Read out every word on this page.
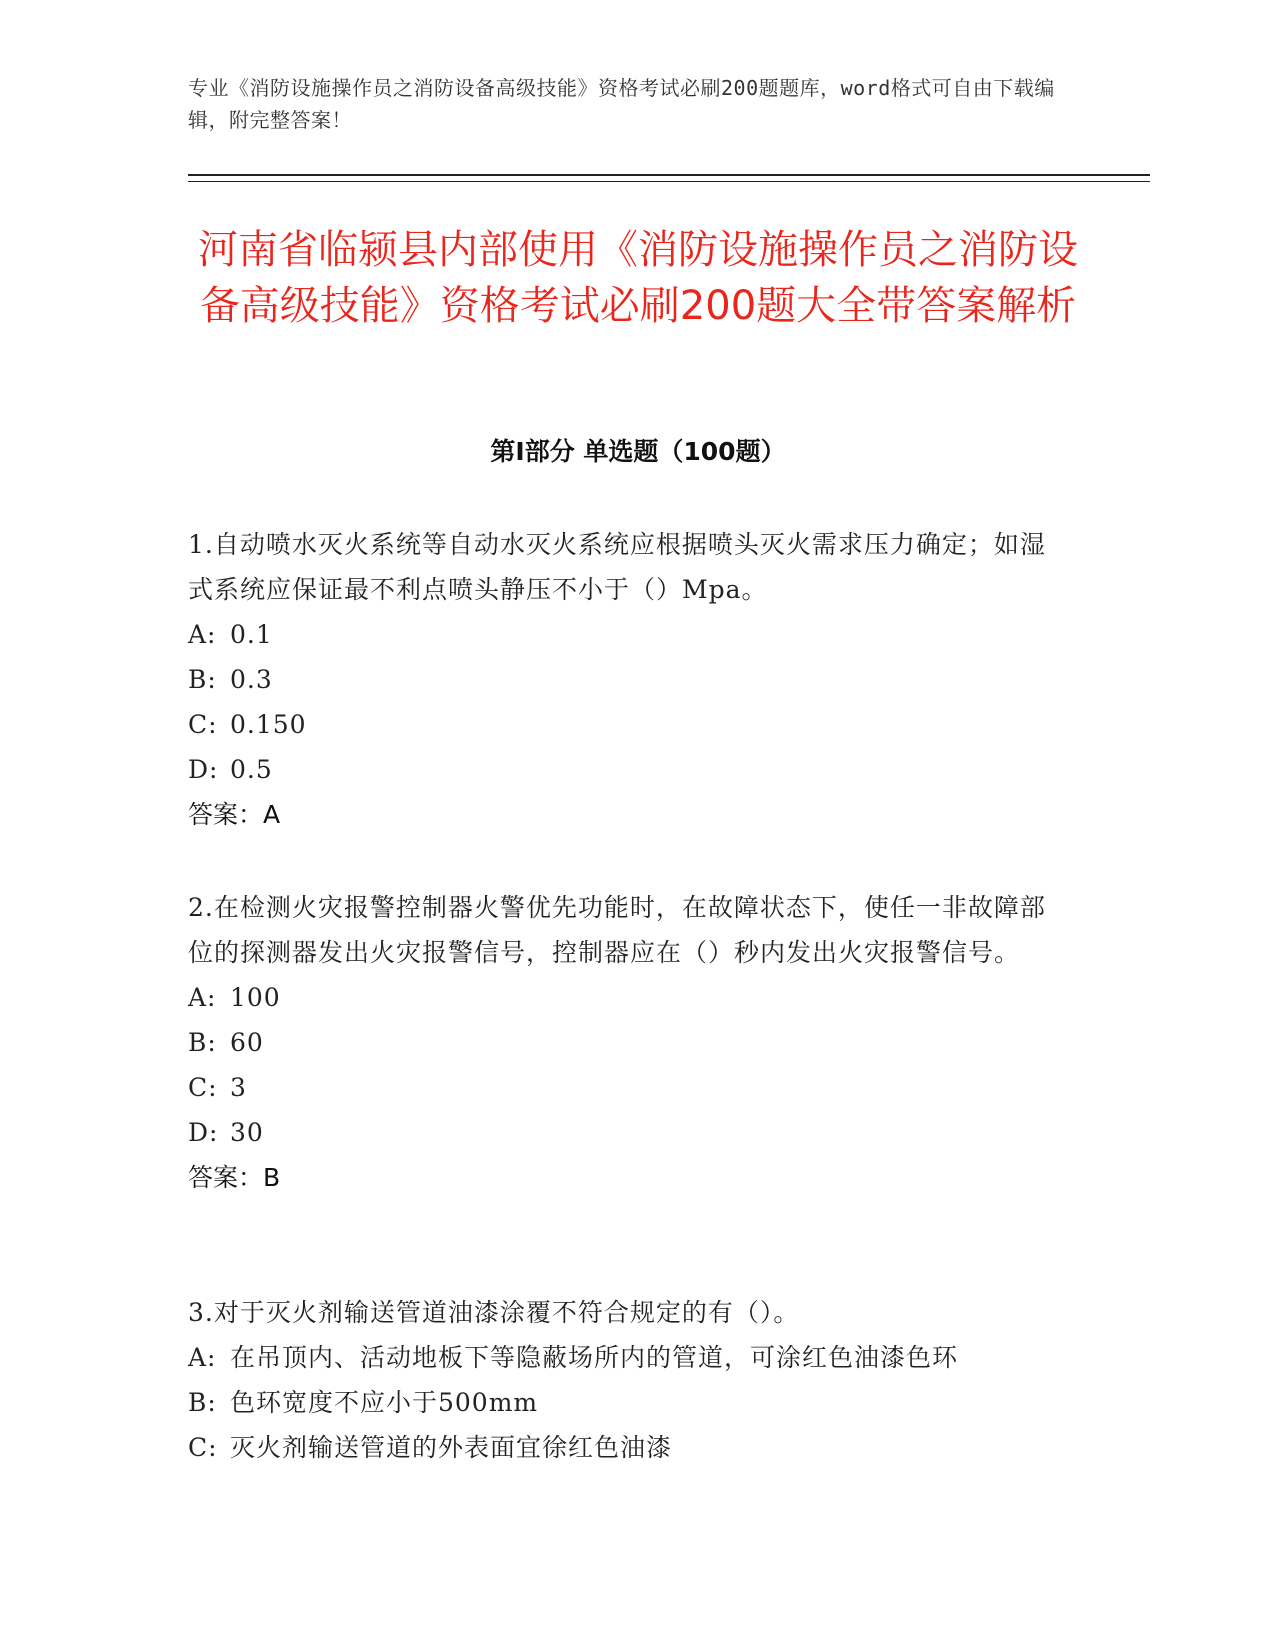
专业《消防设施操作员之消防设备高级技能》资格考试必刷200题题库，word格式可自由下载编辑，附完整答案！
河南省临颍县内部使用《消防设施操作员之消防设备高级技能》资格考试必刷200题大全带答案解析
第Ⅰ部分 单选题（100题）
1.自动喷水灭火系统等自动水灭火系统应根据喷头灭火需求压力确定；如湿式系统应保证最不利点喷头静压不小于（）Mpa。
A: 0.1
B: 0.3
C: 0.150
D: 0.5
答案：A
2.在检测火灾报警控制器火警优先功能时，在故障状态下，使任一非故障部位的探测器发出火灾报警信号，控制器应在（）秒内发出火灾报警信号。
A: 100
B: 60
C: 3
D: 30
答案：B
3.对于灭火剂输送管道油漆涂覆不符合规定的有（）。
A: 在吊顶内、活动地板下等隐蔽场所内的管道，可涂红色油漆色环
B: 色环宽度不应小于500mm
C: 灭火剂输送管道的外表面宜徐红色油漆
